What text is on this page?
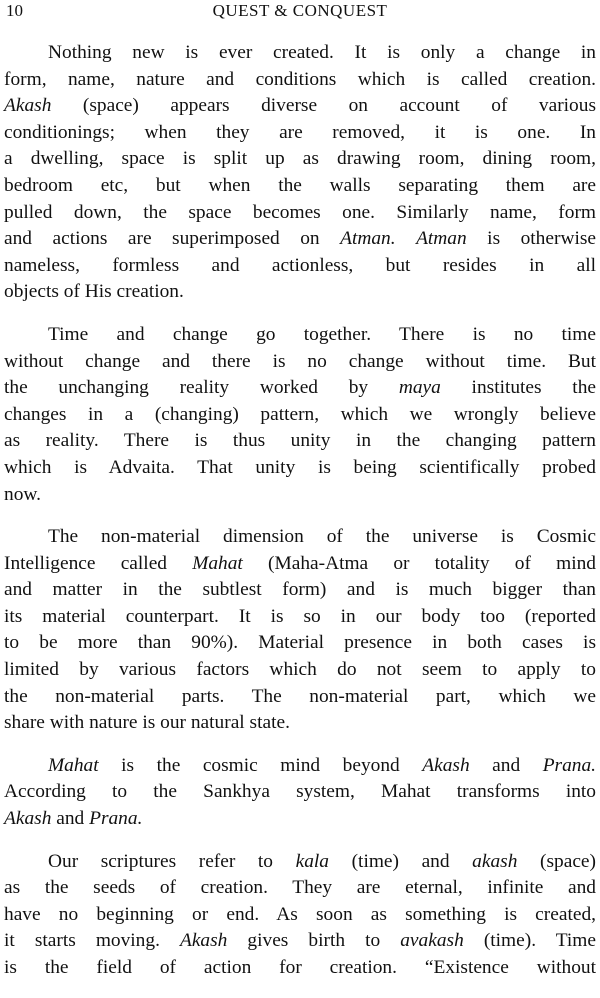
10	QUEST & CONQUEST
Nothing new is ever created. It is only a change in
form, name, nature and conditions which is called creation.
Akash (space) appears diverse on account of various
conditionings; when they are removed, it is one. In
a dwelling, space is split up as drawing room, dining room,
bedroom etc, but when the walls separating them are
pulled down, the space becomes one. Similarly name, form
and actions are superimposed on Atman. Atman is otherwise
nameless, formless and actionless, but resides in all
objects of His creation.
Time and change go together. There is no time
without change and there is no change without time. But
the unchanging reality worked by maya institutes the
changes in a (changing) pattern, which we wrongly believe
as reality. There is thus unity in the changing pattern
which is Advaita. That unity is being scientifically probed
now.
The non-material dimension of the universe is Cosmic
Intelligence called Mahat (Maha-Atma or totality of mind
and matter in the subtlest form) and is much bigger than
its material counterpart. It is so in our body too (reported
to be more than 90%). Material presence in both cases is
limited by various factors which do not seem to apply to
the non-material parts. The non-material part, which we
share with nature is our natural state.
Mahat is the cosmic mind beyond Akash and Prana.
According to the Sankhya system, Mahat transforms into
Akash and Prana.
Our scriptures refer to kala (time) and akash (space)
as the seeds of creation. They are eternal, infinite and
have no beginning or end. As soon as something is created,
it starts moving. Akash gives birth to avakash (time). Time
is the field of action for creation. “Existence without
